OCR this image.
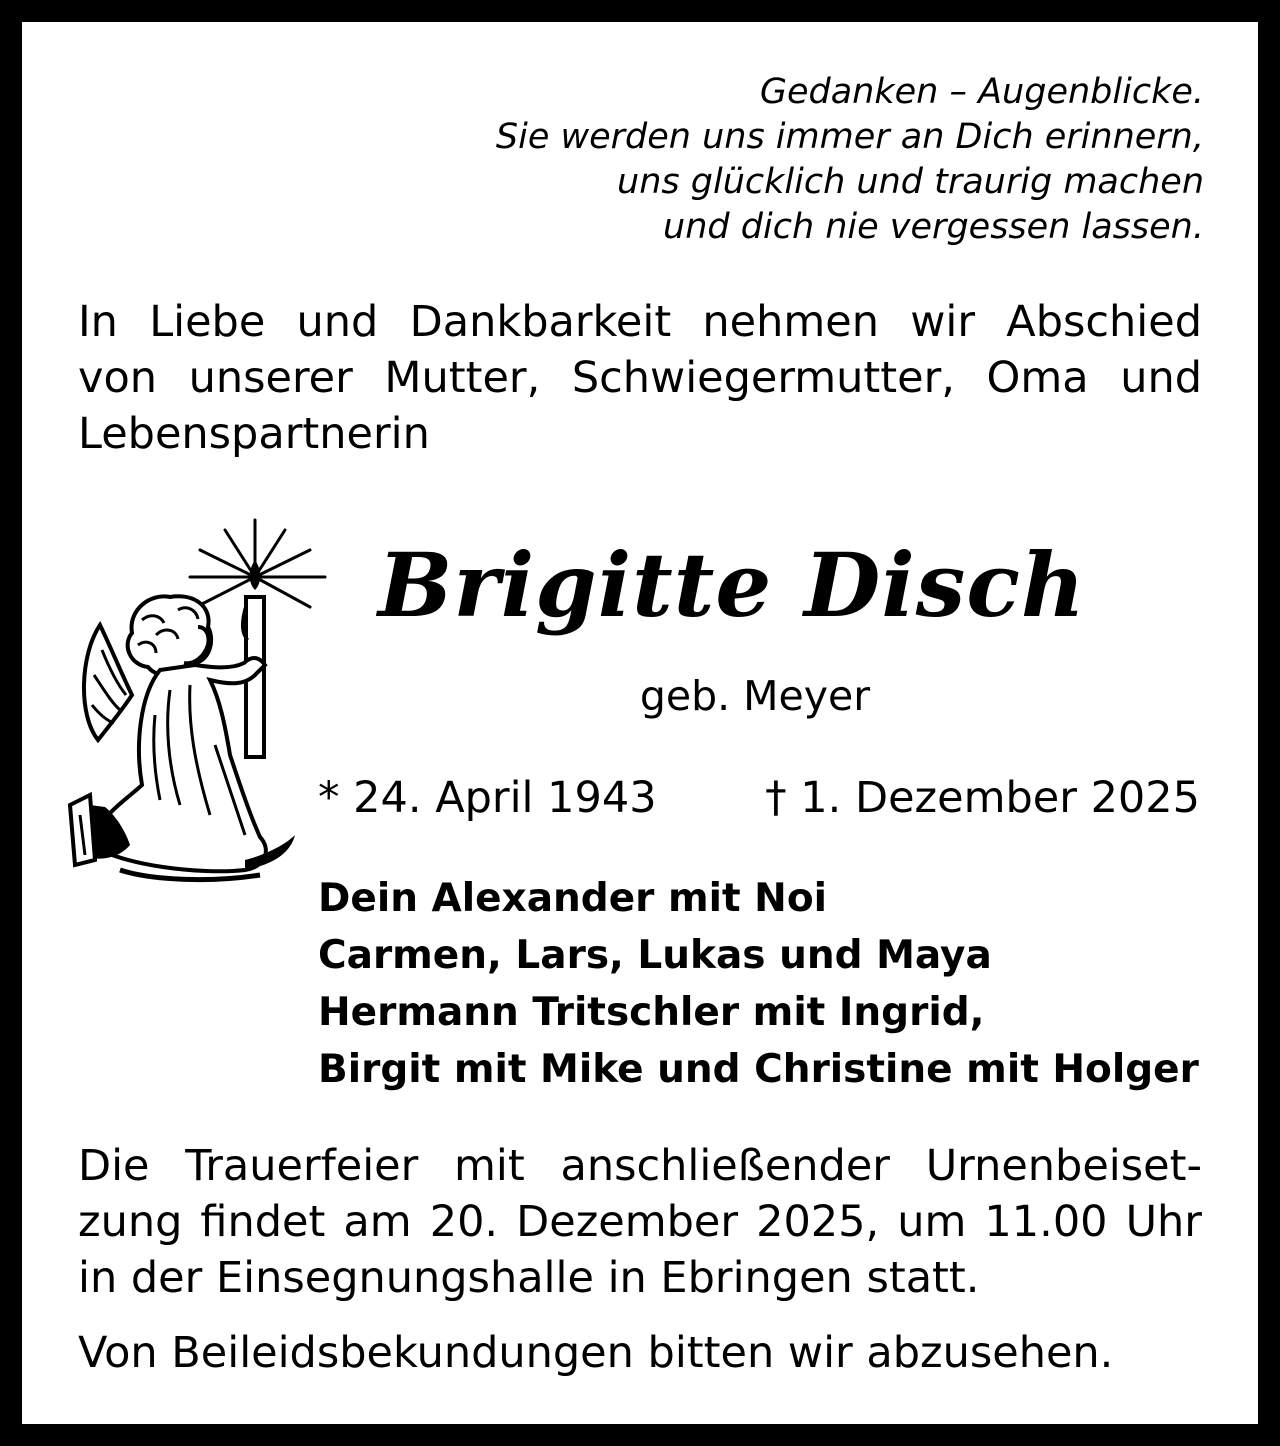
Gedanken – Augenblicke.
Sie werden uns immer an Dich erinnern,
uns glücklich und traurig machen
und dich nie vergessen lassen.
In Liebe und Dankbarkeit nehmen wir Abschied
von unserer Mutter, Schwiegermutter, Oma und
Lebenspartnerin
Brigitte Disch
geb. Meyer
* 24. April 1943	† 1. Dezember 2025
Dein Alexander mit Noi
Carmen, Lars, Lukas und Maya
Hermann Tritschler mit Ingrid,
Birgit mit Mike und Christine mit Holger
Die Trauerfeier mit anschließender Urnenbeiset-
zung findet am 20. Dezember 2025, um 11.00 Uhr
in der Einsegnungshalle in Ebringen statt.
Von Beileidsbekundungen bitten wir abzusehen.
